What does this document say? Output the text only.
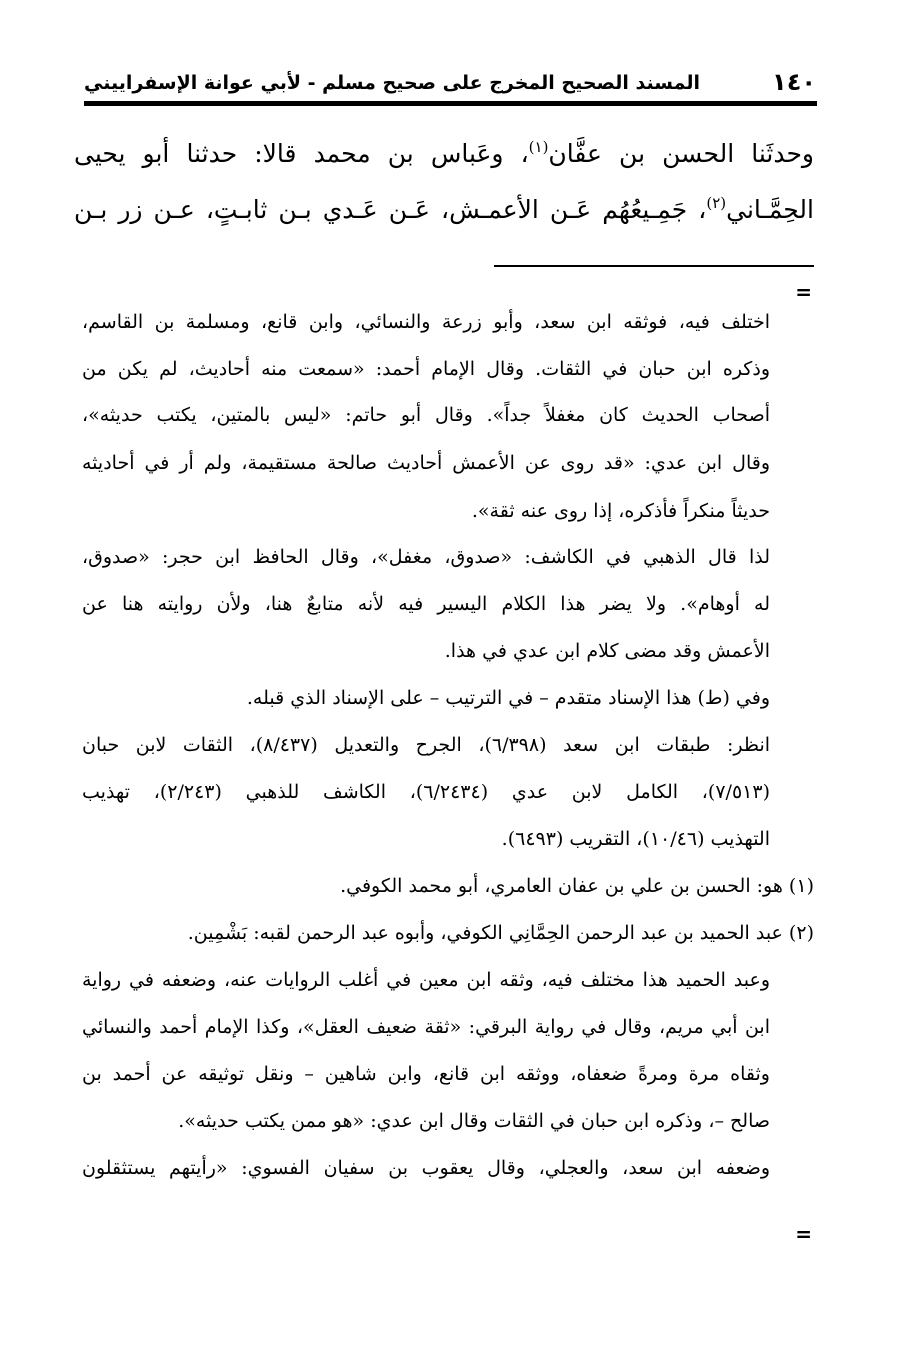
١٤٠
المسند الصحيح المخرج على صحيح مسلم - لأبي عوانة الإسفراييني
وحدثَنا الحسن بن عفَّان$^{(١)}$، وعَباس بن محمد قالا: حدثنا أبو يحيى
الحِمَّـاني$^{(٢)}$، جَمِـيعُهُم عَـن الأعمـش، عَـن عَـدي بـن ثابـتٍ، عـن زر بـن
=
اختلف فيه، فوثقه ابن سعد، وأبو زرعة والنسائي، وابن قانع، ومسلمة بن القاسم،
وذكره ابن حبان في الثقات. وقال الإمام أحمد: «سمعت منه أحاديث، لم يكن من
أصحاب الحديث كان مغفلاً جداً». وقال أبو حاتم: «ليس بالمتين، يكتب حديثه»،
وقال ابن عدي: «قد روى عن الأعمش أحاديث صالحة مستقيمة، ولم أر في أحاديثه
حديثاً منكراً فأذكره، إذا روى عنه ثقة».
لذا قال الذهبي في الكاشف: «صدوق، مغفل»، وقال الحافظ ابن حجر: «صدوق،
له أوهام». ولا يضر هذا الكلام اليسير فيه لأنه متابعٌ هنا، ولأن روايته هنا عن
الأعمش وقد مضى كلام ابن عدي في هذا.
وفي (ط) هذا الإسناد متقدم – في الترتيب – على الإسناد الذي قبله.
انظر: طبقات ابن سعد (٦/٣٩٨)، الجرح والتعديل (٨/٤٣٧)، الثقات لابن حبان
(٧/٥١٣)، الكامل لابن عدي (٦/٢٤٣٤)، الكاشف للذهبي (٢/٢٤٣)، تهذيب
التهذيب (١٠/٤٦)، التقريب (٦٤٩٣).
(١) هو: الحسن بن علي بن عفان العامري، أبو محمد الكوفي.
(٢) عبد الحميد بن عبد الرحمن الحِمَّانِي الكوفي، وأبوه عبد الرحمن لقبه: بَشْمِين.
وعبد الحميد هذا مختلف فيه، وثقه ابن معين في أغلب الروايات عنه، وضعفه في رواية
ابن أبي مريم، وقال في رواية البرقي: «ثقة ضعيف العقل»، وكذا الإمام أحمد والنسائي
وثقاه مرة ومرةً ضعفاه، ووثقه ابن قانع، وابن شاهين – ونقل توثيقه عن أحمد بن
صالح –، وذكره ابن حبان في الثقات وقال ابن عدي: «هو ممن يكتب حديثه».
وضعفه ابن سعد، والعجلي، وقال يعقوب بن سفيان الفسوي: «رأيتهم يستثقلون
=
